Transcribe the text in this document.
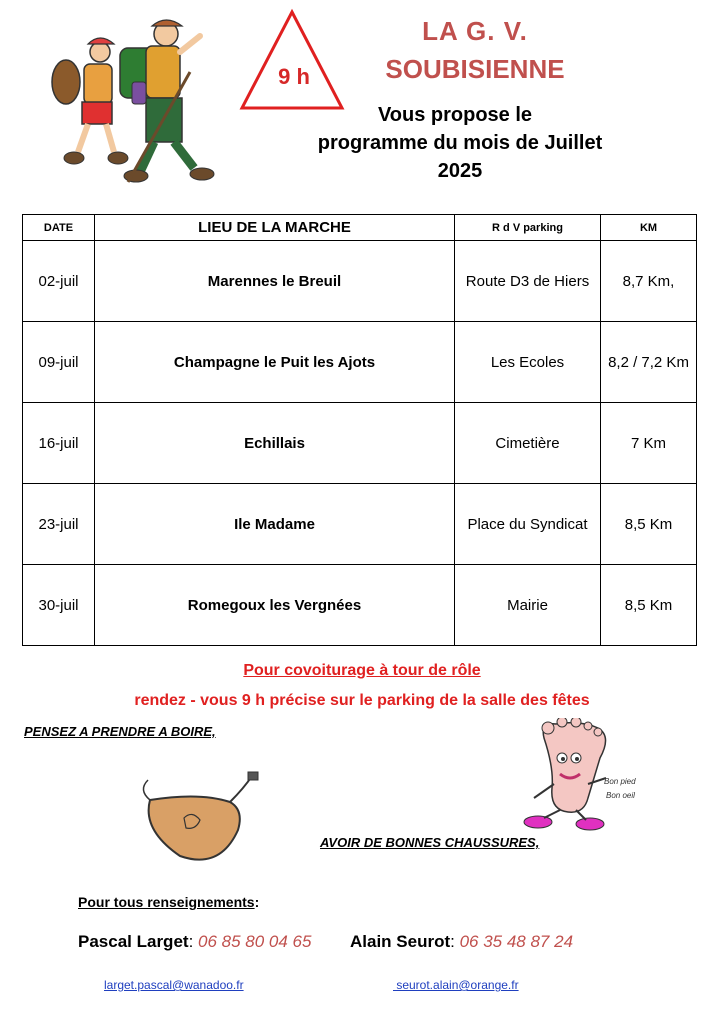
9 h
LA G. V.
SOUBISIENNE
Vous propose le
programme du mois de Juillet
2025
DATE	LIEU DE LA MARCHE	R d V parking	KM
02-juil	Marennes le Breuil	Route D3 de Hiers	8,7 Km,
09-juil	Champagne le Puit les Ajots	Les Ecoles	8,2 / 7,2 Km
16-juil	Echillais	Cimetière	7 Km
23-juil	Ile Madame	Place du Syndicat	8,5 Km
30-juil	Romegoux les Vergnées	Mairie	8,5 Km
Pour covoiturage à tour de rôle
rendez - vous 9 h précise sur le parking de la salle des fêtes
PENSEZ A PRENDRE A BOIRE,
AVOIR DE BONNES CHAUSSURES,
Bon pied
Bon oeil
Pour tous renseignements:
Pascal Larget: 06 85 80 04 65 Alain Seurot: 06 35 48 87 24
larget.pascal@wanadoo.fr	seurot.alain@orange.fr
